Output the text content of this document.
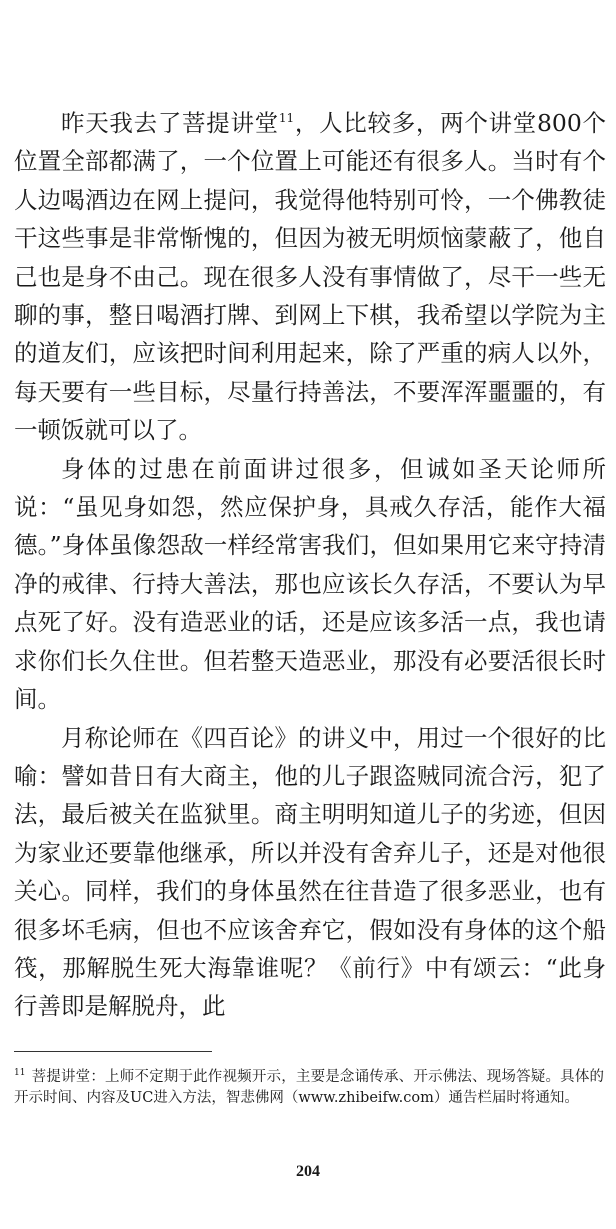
昨天我去了菩提讲堂$^{11}$，人比较多，两个讲堂800个位置全部都满了，一个位置上可能还有很多人。当时有个人边喝酒边在网上提问，我觉得他特别可怜，一个佛教徒干这些事是非常惭愧的，但因为被无明烦恼蒙蔽了，他自己也是身不由己。现在很多人没有事情做了，尽干一些无聊的事，整日喝酒打牌、到网上下棋，我希望以学院为主的道友们，应该把时间利用起来，除了严重的病人以外，每天要有一些目标，尽量行持善法，不要浑浑噩噩的，有一顿饭就可以了。

身体的过患在前面讲过很多，但诚如圣天论师所说：“虽见身如怨，然应保护身，具戒久存活，能作大福德。”身体虽像怨敌一样经常害我们，但如果用它来守持清净的戒律、行持大善法，那也应该长久存活，不要认为早点死了好。没有造恶业的话，还是应该多活一点，我也请求你们长久住世。但若整天造恶业，那没有必要活很长时间。

月称论师在《四百论》的讲义中，用过一个很好的比喻：譬如昔日有大商主，他的儿子跟盗贼同流合污，犯了法，最后被关在监狱里。商主明明知道儿子的劣迹，但因为家业还要靠他继承，所以并没有舍弃儿子，还是对他很关心。同样，我们的身体虽然在往昔造了很多恶业，也有很多坏毛病，但也不应该舍弃它，假如没有身体的这个船筏，那解脱生死大海靠谁呢？《前行》中有颂云：“此身行善即是解脱舟，此

$^{11}$ 菩提讲堂：上师不定期于此作视频开示，主要是念诵传承、开示佛法、现场答疑。具体的开示时间、内容及UC进入方法，智悲佛网（www.zhibeifw.com）通告栏届时将通知。
204
